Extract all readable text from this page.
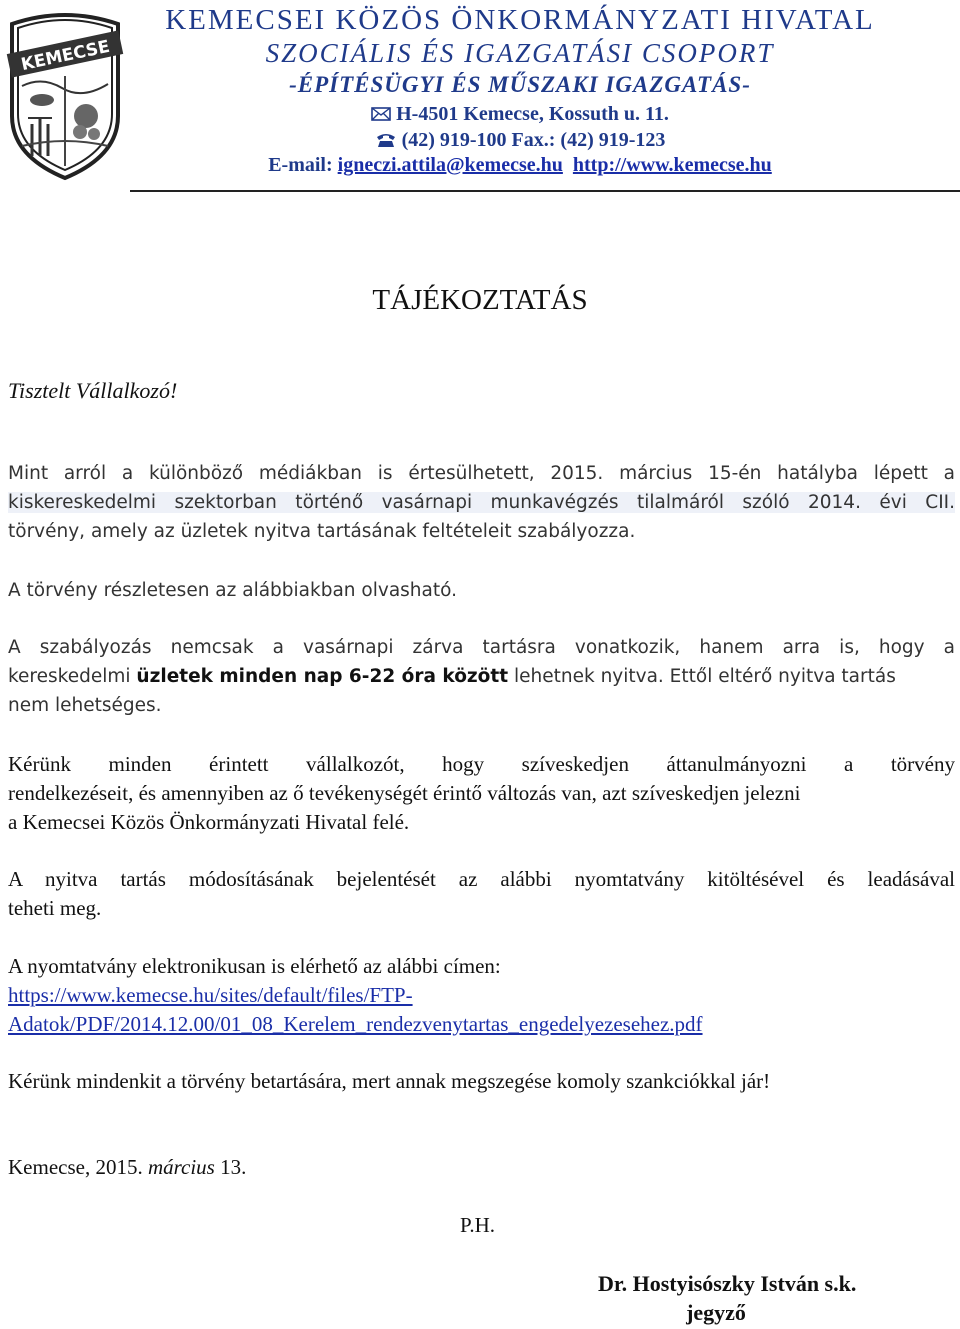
KEMECSE
KEMECSEI KÖZÖS ÖNKORMÁNYZATI HIVATAL
SZOCIÁLIS ÉS IGAZGATÁSI CSOPORT
-ÉPÍTÉSÜGYI ÉS MŰSZAKI IGAZGATÁS-
H-4501 Kemecse, Kossuth u. 11.
(42) 919-100 Fax.: (42) 919-123
E-mail: igneczi.attila@kemecse.hu http://www.kemecse.hu
TÁJÉKOZTATÁS
Tisztelt Vállalkozó!
Mint arról a különböző médiákban is értesülhetett, 2015. március 15-én hatályba lépett a
kiskereskedelmi szektorban történő vasárnapi munkavégzés tilalmáról szóló 2014. évi CII.
törvény, amely az üzletek nyitva tartásának feltételeit szabályozza.
A törvény részletesen az alábbiakban olvasható.
A szabályozás nemcsak a vasárnapi zárva tartásra vonatkozik, hanem arra is, hogy a
kereskedelmi üzletek minden nap 6-22 óra között lehetnek nyitva. Ettől eltérő nyitva tartás
nem lehetséges.
Kérünk minden érintett vállalkozót, hogy szíveskedjen áttanulmányozni a törvény
rendelkezéseit, és amennyiben az ő tevékenységét érintő változás van, azt szíveskedjen jelezni
a Kemecsei Közös Önkormányzati Hivatal felé.
A nyitva tartás módosításának bejelentését az alábbi nyomtatvány kitöltésével és leadásával
teheti meg.
A nyomtatvány elektronikusan is elérhető az alábbi címen:
https://www.kemecse.hu/sites/default/files/FTP-
Adatok/PDF/2014.12.00/01_08_Kerelem_rendezvenytartas_engedelyezesehez.pdf
Kérünk mindenkit a törvény betartására, mert annak megszegése komoly szankciókkal jár!
Kemecse, 2015. március 13.
P.H.
Dr. Hostyisószky István s.k.
jegyző
